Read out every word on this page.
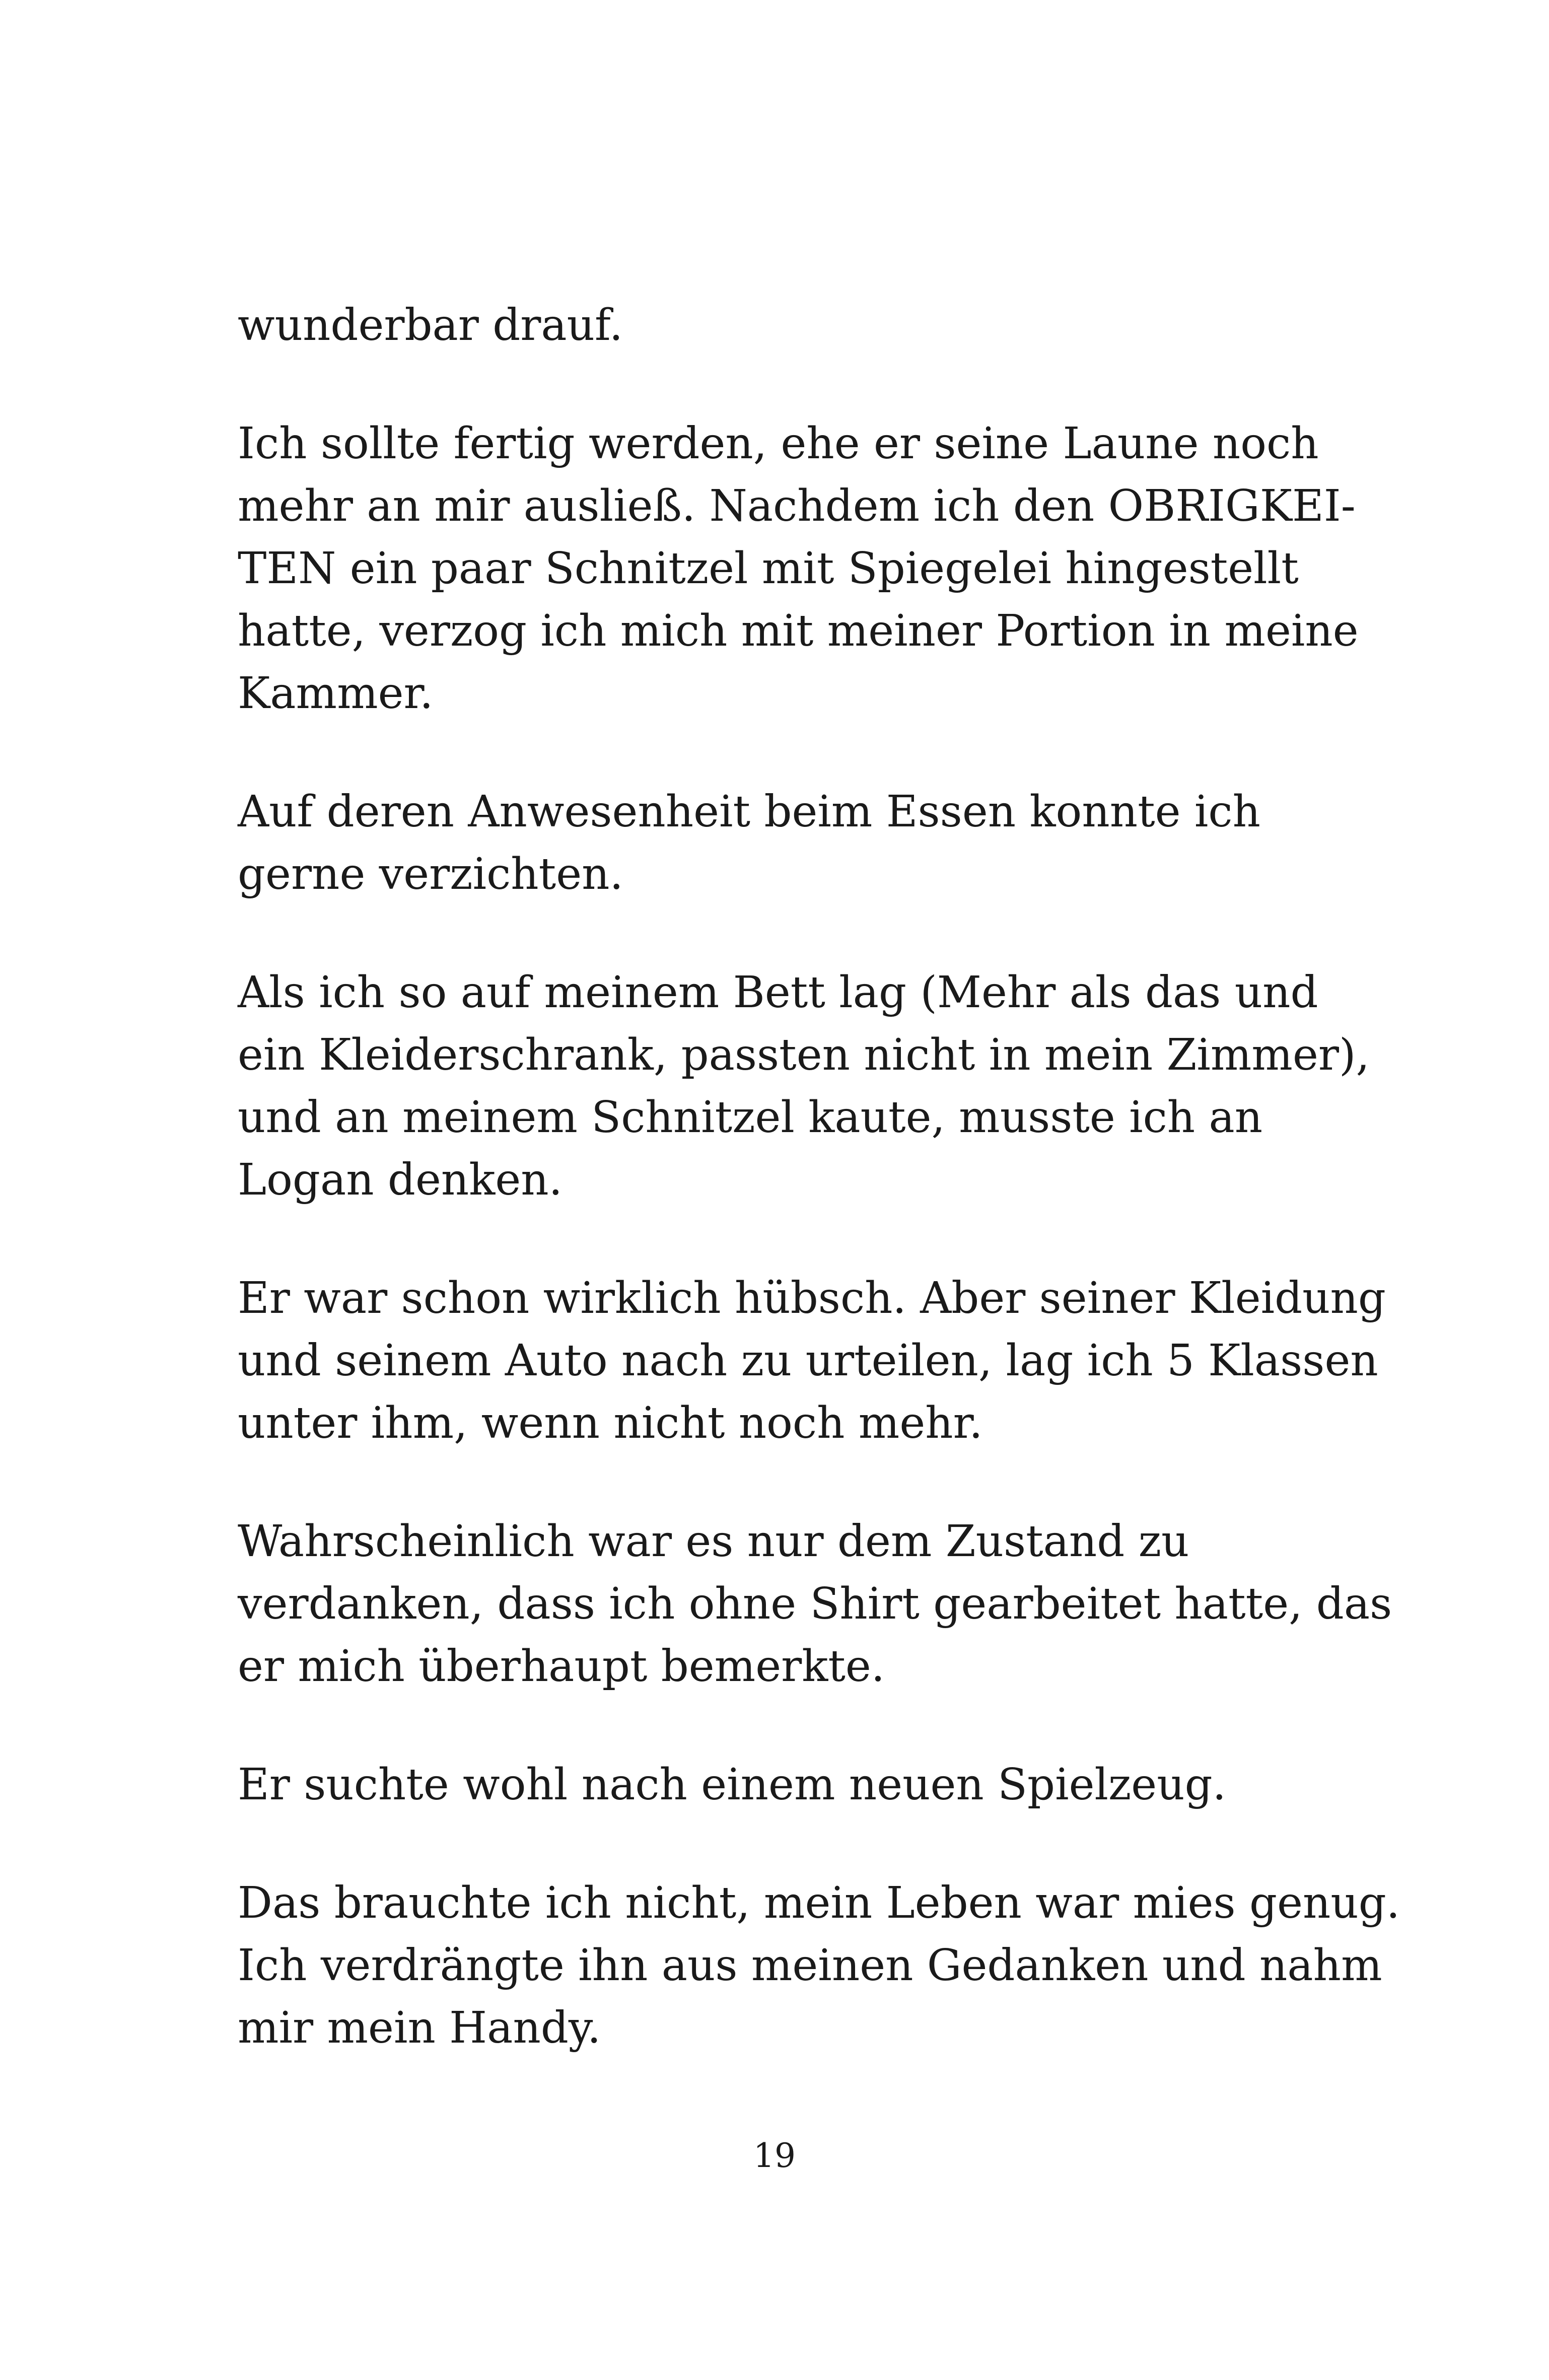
wunderbar drauf.

Ich sollte fertig werden, ehe er seine Laune noch
mehr an mir ausließ. Nachdem ich den OBRIGKEI-
TEN ein paar Schnitzel mit Spiegelei hingestellt
hatte, verzog ich mich mit meiner Portion in meine
Kammer.

Auf deren Anwesenheit beim Essen konnte ich
gerne verzichten.

Als ich so auf meinem Bett lag (Mehr als das und
ein Kleiderschrank, passten nicht in mein Zimmer),
und an meinem Schnitzel kaute, musste ich an
Logan denken.

Er war schon wirklich hübsch. Aber seiner Kleidung
und seinem Auto nach zu urteilen, lag ich 5 Klassen
unter ihm, wenn nicht noch mehr.

Wahrscheinlich war es nur dem Zustand zu
verdanken, dass ich ohne Shirt gearbeitet hatte, das
er mich überhaupt bemerkte.

Er suchte wohl nach einem neuen Spielzeug.

Das brauchte ich nicht, mein Leben war mies genug.
Ich verdrängte ihn aus meinen Gedanken und nahm
mir mein Handy.

19
